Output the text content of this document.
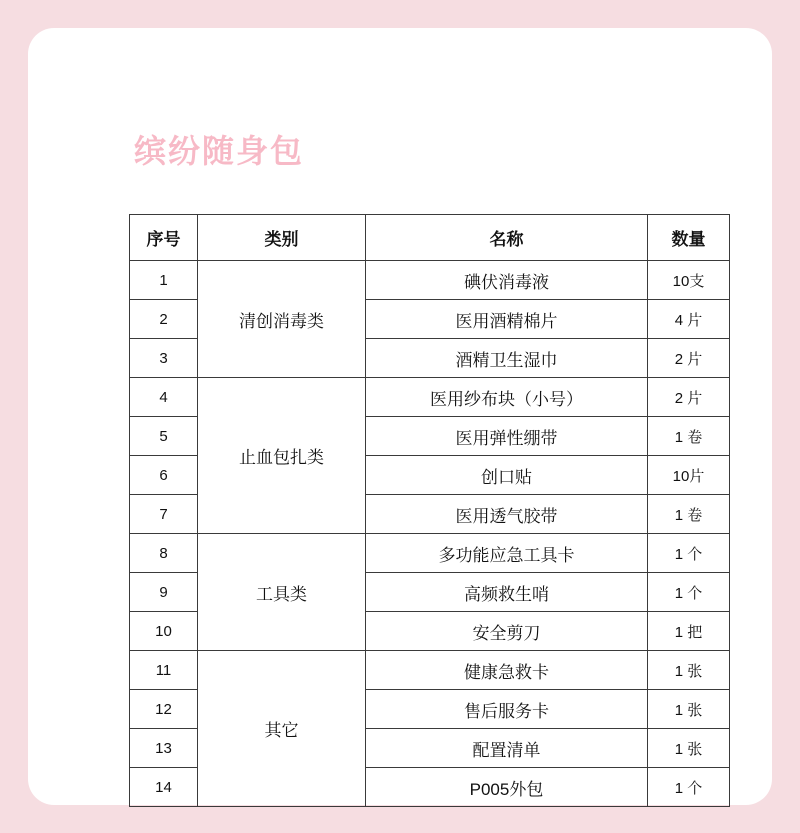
缤纷随身包
序号	类别	名称	数量
1	清创消毒类	碘伏消毒液	10支
2		医用酒精棉片	4 片
3		酒精卫生湿巾	2 片
4	止血包扎类	医用纱布块（小号）	2 片
5		医用弹性绷带	1 卷
6		创口贴	10片
7		医用透气胶带	1 卷
8	工具类	多功能应急工具卡	1 个
9		高频救生哨	1 个
10		安全剪刀	1 把
11	其它	健康急救卡	1 张
12		售后服务卡	1 张
13		配置清单	1 张
14		P005外包	1 个
